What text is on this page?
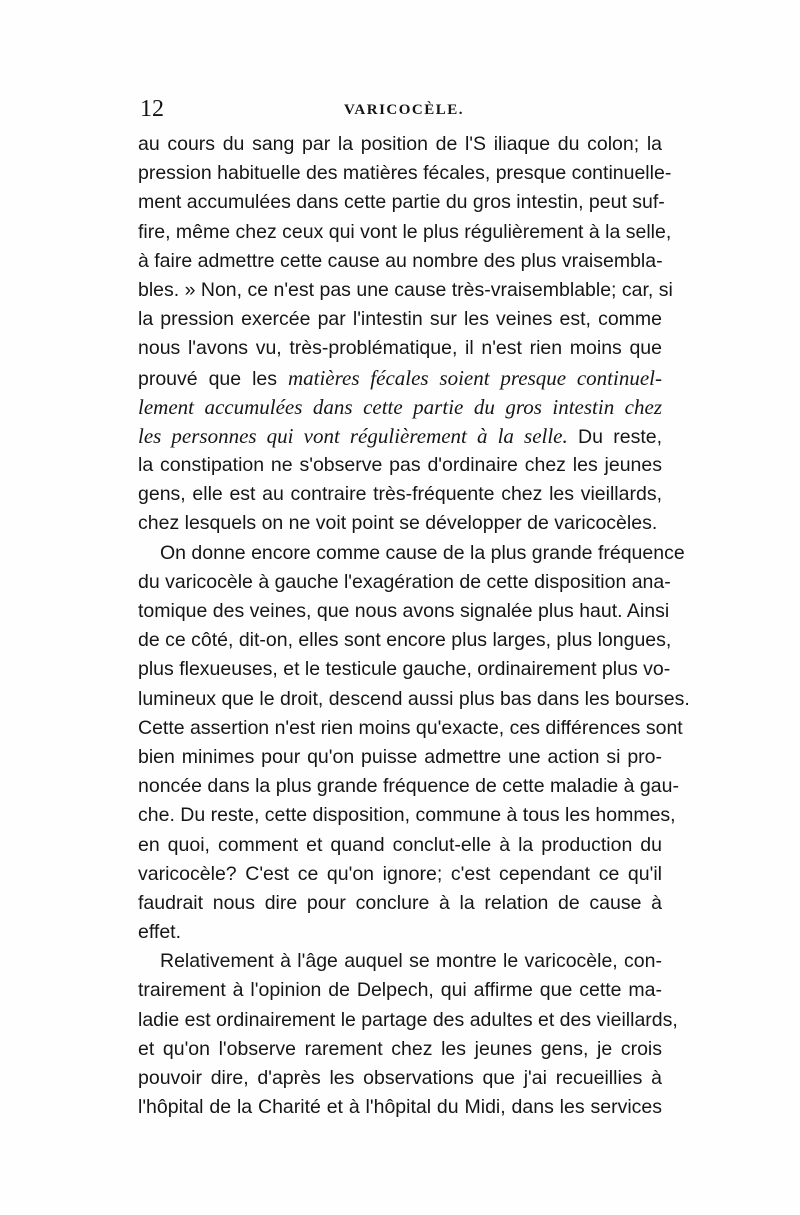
12	VARICOCÈLE.
au cours du sang par la position de l'S iliaque du colon; la
pression habituelle des matières fécales, presque continuelle-
ment accumulées dans cette partie du gros intestin, peut suf-
fire, même chez ceux qui vont le plus régulièrement à la selle,
à faire admettre cette cause au nombre des plus vraisembla-
bles. » Non, ce n'est pas une cause très-vraisemblable; car, si
la pression exercée par l'intestin sur les veines est, comme
nous l'avons vu, très-problématique, il n'est rien moins que
prouvé que les matières fécales soient presque continuel-
lement accumulées dans cette partie du gros intestin chez
les personnes qui vont régulièrement à la selle. Du reste,
la constipation ne s'observe pas d'ordinaire chez les jeunes
gens, elle est au contraire très-fréquente chez les vieillards,
chez lesquels on ne voit point se développer de varicocèles.
On donne encore comme cause de la plus grande fréquence
du varicocèle à gauche l'exagération de cette disposition ana-
tomique des veines, que nous avons signalée plus haut. Ainsi
de ce côté, dit-on, elles sont encore plus larges, plus longues,
plus flexueuses, et le testicule gauche, ordinairement plus vo-
lumineux que le droit, descend aussi plus bas dans les bourses.
Cette assertion n'est rien moins qu'exacte, ces différences sont
bien minimes pour qu'on puisse admettre une action si pro-
noncée dans la plus grande fréquence de cette maladie à gau-
che. Du reste, cette disposition, commune à tous les hommes,
en quoi, comment et quand conclut-elle à la production du
varicocèle? C'est ce qu'on ignore; c'est cependant ce qu'il
faudrait nous dire pour conclure à la relation de cause à
effet.
Relativement à l'âge auquel se montre le varicocèle, con-
trairement à l'opinion de Delpech, qui affirme que cette ma-
ladie est ordinairement le partage des adultes et des vieillards,
et qu'on l'observe rarement chez les jeunes gens, je crois
pouvoir dire, d'après les observations que j'ai recueillies à
l'hôpital de la Charité et à l'hôpital du Midi, dans les services
